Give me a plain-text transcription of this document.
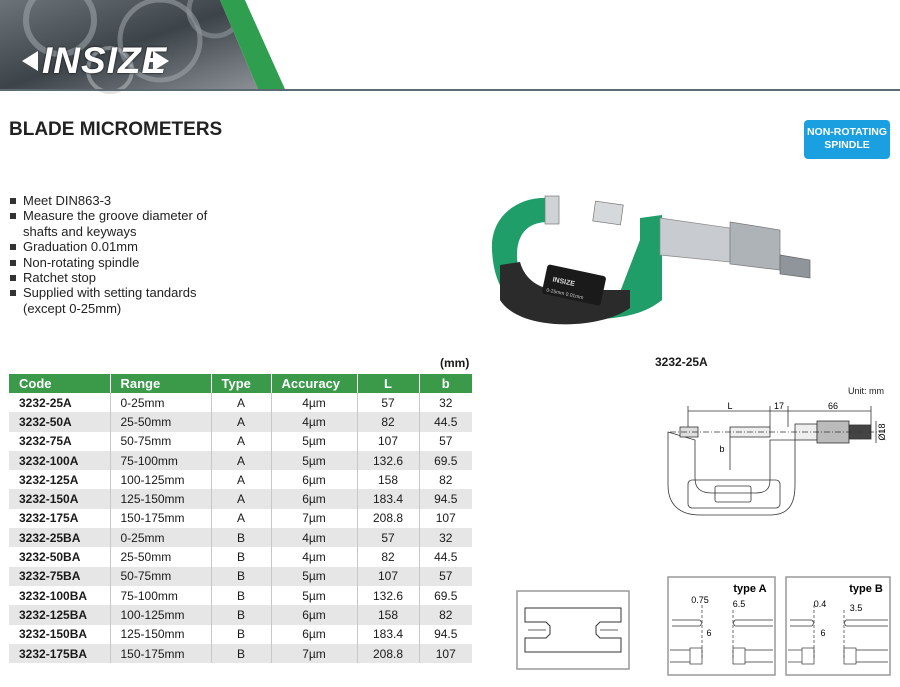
INSIZE
BLADE MICROMETERS	NON-ROTATING SPINDLE
Meet DIN863-3
Measure the groove diameter of shafts and keyways
Graduation 0.01mm
Non-rotating spindle
Ratchet stop
Supplied with setting tandards (except 0-25mm)
INSIZE
0-25mm 0.01mm
(mm)	3232-25A
Code	Range	Type	Accuracy	L	b
3232-25A	0-25mm	A	4µm	57	32
3232-50A	25-50mm	A	4µm	82	44.5
3232-75A	50-75mm	A	5µm	107	57
3232-100A	75-100mm	A	5µm	132.6	69.5
3232-125A	100-125mm	A	6µm	158	82
3232-150A	125-150mm	A	6µm	183.4	94.5
3232-175A	150-175mm	A	7µm	208.8	107
3232-25BA	0-25mm	B	4µm	57	32
3232-50BA	25-50mm	B	4µm	82	44.5
3232-75BA	50-75mm	B	5µm	107	57
3232-100BA	75-100mm	B	5µm	132.6	69.5
3232-125BA	100-125mm	B	6µm	158	82
3232-150BA	125-150mm	B	6µm	183.4	94.5
3232-175BA	150-175mm	B	7µm	208.8	107
Unit: mm
L	17	66
b
Ø18
type A
0.75	6.5
6
type B
0.4	3.5
6
